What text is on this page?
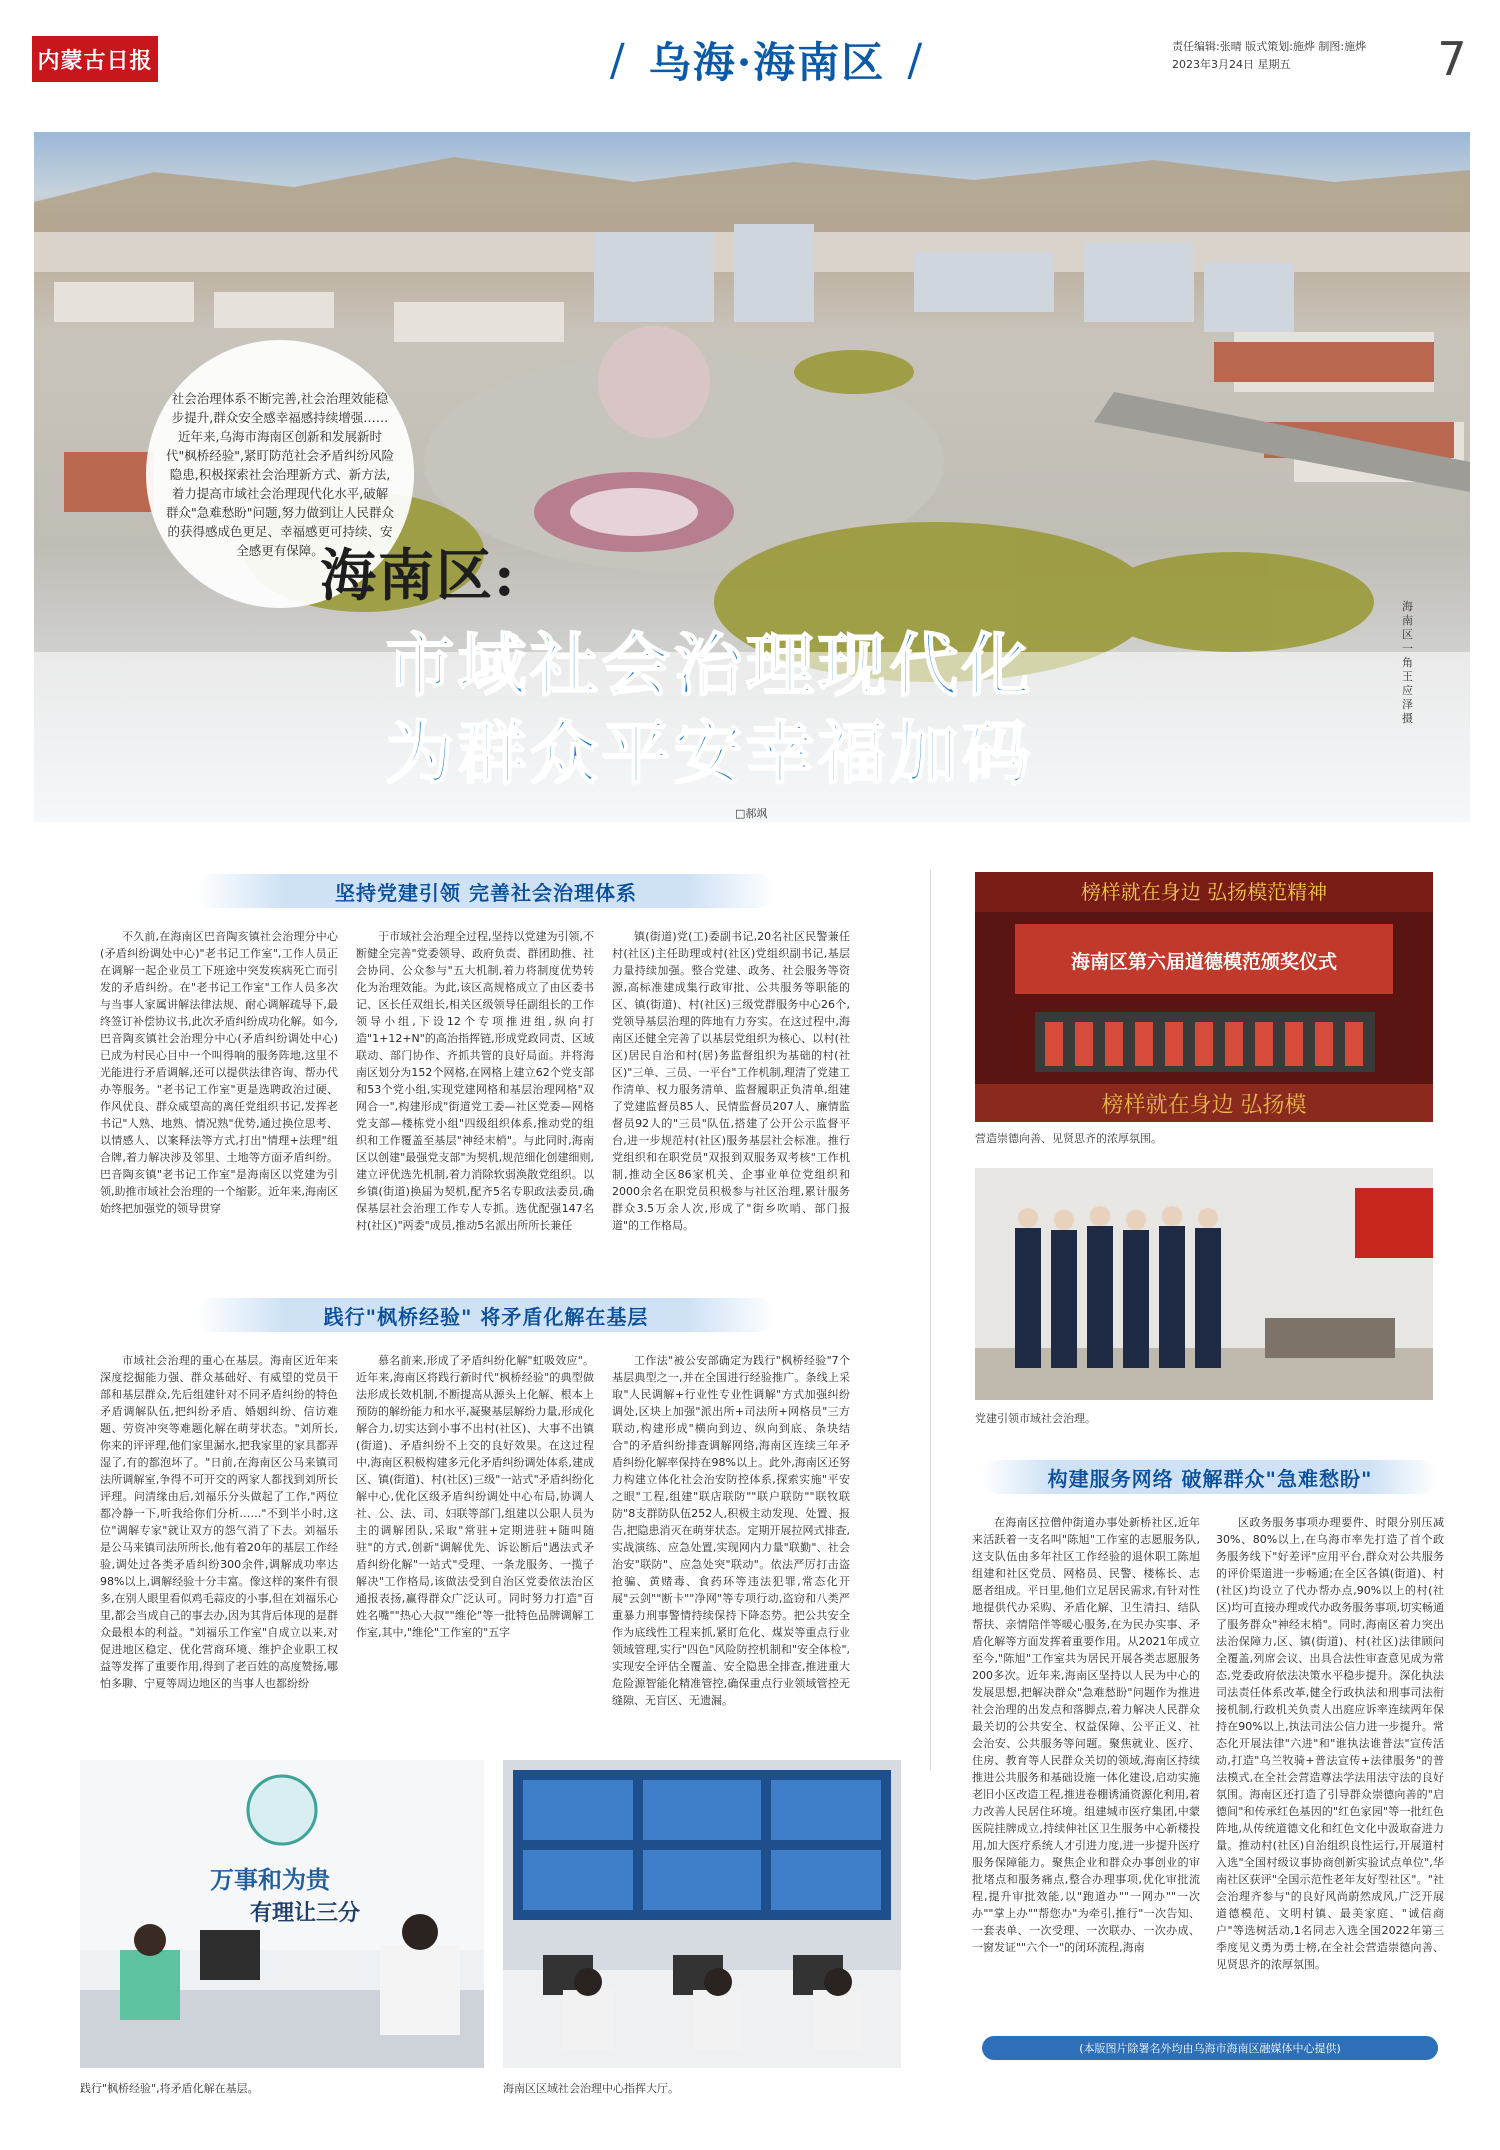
内蒙古日报	/ 乌海·海南区 /	责任编辑:张晴 版式策划:施烨 制图:施烨
2023年3月24日 星期五	7

社会治理体系不断完善,社会治理效能稳步提升,群众安全感幸福感持续增强……近年来,乌海市海南区创新和发展新时代"枫桥经验",紧盯防范社会矛盾纠纷风险隐患,积极探索社会治理新方式、新方法,着力提高市域社会治理现代化水平,破解群众"急难愁盼"问题,努力做到让人民群众的获得感成色更足、幸福感更可持续、安全感更有保障。

海南区:
市域社会治理现代化
为群众平安幸福加码
海南区一角 王应泽 摄
□郝飒
坚持党建引领 完善社会治理体系

不久前,在海南区巴音陶亥镇社会治理分中心(矛盾纠纷调处中心)"老书记工作室",工作人员正在调解一起企业员工下班途中突发疾病死亡而引发的矛盾纠纷。在"老书记工作室"工作人员多次与当事人家属讲解法律法规、耐心调解疏导下,最终签订补偿协议书,此次矛盾纠纷成功化解。如今,巴音陶亥镇社会治理分中心(矛盾纠纷调处中心)已成为村民心目中一个叫得响的服务阵地,这里不光能进行矛盾调解,还可以提供法律咨询、帮办代办等服务。"老书记工作室"更是选聘政治过硬、作风优良、群众威望高的离任党组织书记,发挥老书记"人熟、地熟、情况熟"优势,通过换位思考、以情感人、以案释法等方式,打出"情理+法理"组合牌,着力解决涉及邻里、土地等方面矛盾纠纷。巴音陶亥镇"老书记工作室"是海南区以党建为引领,助推市域社会治理的一个缩影。近年来,海南区始终把加强党的领导贯穿

于市域社会治理全过程,坚持以党建为引领,不断健全完善"党委领导、政府负责、群团助推、社会协同、公众参与"五大机制,着力将制度优势转化为治理效能。为此,该区高规格成立了由区委书记、区长任双组长,相关区级领导任副组长的工作领导小组,下设12个专项推进组,纵向打造"1+12+N"的高治指挥链,形成党政同责、区域联动、部门协作、齐抓共管的良好局面。并将海南区划分为152个网格,在网格上建立62个党支部和53个党小组,实现党建网格和基层治理网格"双网合一",构建形成"街道党工委—社区党委—网格党支部—楼栋党小组"四级组织体系,推动党的组织和工作覆盖至基层"神经末梢"。与此同时,海南区以创建"最强党支部"为契机,规范细化创建细则,建立评优选先机制,着力消除软弱涣散党组织。以乡镇(街道)换届为契机,配齐5名专职政法委员,确保基层社会治理工作专人专抓。选优配强147名村(社区)"两委"成员,推动5名派出所所长兼任

镇(街道)党(工)委副书记,20名社区民警兼任村(社区)主任助理或村(社区)党组织副书记,基层力量持续加强。整合党建、政务、社会服务等资源,高标准建成集行政审批、公共服务等职能的区、镇(街道)、村(社区)三级党群服务中心26个,党领导基层治理的阵地有力夯实。在这过程中,海南区还健全完善了以基层党组织为核心、以村(社区)居民自治和村(居)务监督组织为基础的村(社区)"三单、三员、一平台"工作机制,理清了党建工作清单、权力服务清单、监督履职正负清单,组建了党建监督员85人、民情监督员207人、廉情监督员92人的"三员"队伍,搭建了公开公示监督平台,进一步规范村(社区)服务基层社会标准。推行党组织和在职党员"双报到双服务双考核"工作机制,推动全区86家机关、企事业单位党组织和2000余名在职党员积极参与社区治理,累计服务群众3.5万余人次,形成了"街乡吹哨、部门报道"的工作格局。

践行"枫桥经验" 将矛盾化解在基层

市域社会治理的重心在基层。海南区近年来深度挖掘能力强、群众基础好、有威望的党员干部和基层群众,先后组建针对不同矛盾纠纷的特色矛盾调解队伍,把纠纷矛盾、婚姻纠纷、信访难题、劳资冲突等难题化解在萌芽状态。"刘所长,你来的评评理,他们家里漏水,把我家里的家具都弄湿了,有的都泡坏了。"日前,在海南区公马来镇司法所调解室,争得不可开交的两家人都找到刘所长评理。问清缘由后,刘福乐分头做起了工作,"两位都冷静一下,听我给你们分析……"不到半小时,这位"调解专家"就让双方的怨气消了下去。刘福乐是公马来镇司法所所长,他有着20年的基层工作经验,调处过各类矛盾纠纷300余件,调解成功率达98%以上,调解经验十分丰富。像这样的案件有很多,在别人眼里看似鸡毛蒜皮的小事,但在刘福乐心里,都会当成自己的事去办,因为其背后体现的是群众最根本的利益。"刘福乐工作室"自成立以来,对促进地区稳定、优化营商环境、维护企业职工权益等发挥了重要作用,得到了老百姓的高度赞扬,哪怕多聊、宁夏等周边地区的当事人也都纷纷

慕名前来,形成了矛盾纠纷化解"虹吸效应"。近年来,海南区将践行新时代"枫桥经验"的典型做法形成长效机制,不断提高从源头上化解、根本上预防的解纷能力和水平,凝聚基层解纷力量,形成化解合力,切实达到小事不出村(社区)、大事不出镇(街道)、矛盾纠纷不上交的良好效果。在这过程中,海南区积极构建多元化矛盾纠纷调处体系,建成区、镇(街道)、村(社区)三级"一站式"矛盾纠纷化解中心,优化区级矛盾纠纷调处中心布局,协调人社、公、法、司、妇联等部门,组建以公职人员为主的调解团队,采取"常驻+定期进驻+随叫随驻"的方式,创新"调解优先、诉讼断后"遇法式矛盾纠纷化解"一站式"受理、一条龙服务、一揽子解决"工作格局,该做法受到自治区党委依法治区通报表扬,赢得群众广泛认可。同时努力打造"百姓名嘴""热心大叔""维伦"等一批特色品牌调解工作室,其中,"维伦"工作室的"五字

工作法"被公安部确定为践行"枫桥经验"7个基层典型之一,并在全国进行经验推广。条线上采取"人民调解+行业性专业性调解"方式加强纠纷调处,区块上加强"派出所+司法所+网格员"三方联动,构建形成"横向到边、纵向到底、条块结合"的矛盾纠纷排查调解网络,海南区连续三年矛盾纠纷化解率保持在98%以上。此外,海南区还努力构建立体化社会治安防控体系,探索实施"平安之眼"工程,组建"联店联防""联户联防""联牧联防"8支群防队伍252人,积极主动发现、处置、报告,把隐患消灭在萌芽状态。定期开展拉网式排查,实战演练、应急处置,实现网内力量"联勤"、社会治安"联防"、应急处突"联动"。依法严厉打击盗抢骗、黄赌毒、食药环等违法犯罪,常态化开展"云剑""断卡""净网"等专项行动,盗窃和八类严重暴力刑事警情持续保持下降态势。把公共安全作为底线性工程来抓,紧盯危化、煤炭等重点行业领域管理,实行"四色"风险防控机制和"安全体检",实现安全评估全覆盖、安全隐患全排查,推进重大危险源智能化精准管控,确保重点行业领域管控无缝隙、无盲区、无遗漏。

榜样就在身边 弘扬模范精神
海南区第六届道德模范颁奖仪式
榜样就在身边 弘扬模
营造崇德向善、见贤思齐的浓厚氛围。
党建引领市域社会治理。
构建服务网络 破解群众"急难愁盼"

在海南区拉僧仲街道办事处新桥社区,近年来活跃着一支名叫"陈旭"工作室的志愿服务队,这支队伍由多年社区工作经验的退休职工陈旭组建和社区党员、网格员、民警、楼栋长、志愿者组成。平日里,他们立足居民需求,有针对性地提供代办采购、矛盾化解、卫生清扫、结队帮扶、亲情陪伴等暖心服务,在为民办实事、矛盾化解等方面发挥着重要作用。从2021年成立至今,"陈旭"工作室共为居民开展各类志愿服务200多次。近年来,海南区坚持以人民为中心的发展思想,把解决群众"急难愁盼"问题作为推进社会治理的出发点和落脚点,着力解决人民群众最关切的公共安全、权益保障、公平正义、社会治安、公共服务等问题。聚焦就业、医疗、住房、教育等人民群众关切的领域,海南区持续推进公共服务和基础设施一体化建设,启动实施老旧小区改造工程,推进卷棚诱涌资源化利用,着力改善人民居住环境。组建城市医疗集团,中蒙医院挂牌成立,持续伸社区卫生服务中心新楼投用,加大医疗系统人才引进力度,进一步提升医疗服务保障能力。聚焦企业和群众办事创业的审批堵点和服务痛点,整合办理事项,优化审批流程,提升审批效能,以"跑道办""一网办""一次办""掌上办""帮您办"为牵引,推行"一次告知、一套表单、一次受理、一次联办、一次办成、一窗发证""六个一"的闭环流程,海南

区政务服务事项办理要件、时限分别压减30%、80%以上,在乌海市率先打造了首个政务服务线下"好差评"应用平台,群众对公共服务的评价渠道进一步畅通;在全区各镇(街道)、村(社区)均设立了代办帮办点,90%以上的村(社区)均可直接办理或代办政务服务事项,切实畅通了服务群众"神经末梢"。同时,海南区着力突出法治保障力,区、镇(街道)、村(社区)法律顾问全覆盖,列席会议、出具合法性审查意见成为常态,党委政府依法决策水平稳步提升。深化执法司法责任体系改革,健全行政执法和刑事司法衔接机制,行政机关负责人出庭应诉率连续两年保持在90%以上,执法司法公信力进一步提升。常态化开展法律"六进"和"谁执法谁普法"宣传活动,打造"乌兰牧骑+普法宣传+法律服务"的普法模式,在全社会营造尊法学法用法守法的良好氛围。海南区还打造了引导群众崇德向善的"启德间"和传承红色基因的"红色家园"等一批红色阵地,从传统道德文化和红色文化中汲取奋进力量。推动村(社区)自治组织良性运行,开展道村入选"全国村级议事协商创新实验试点单位",华南社区获评"全国示范性老年友好型社区"。"社会治理齐参与"的良好风尚蔚然成风,广泛开展道德模范、文明村镇、最美家庭、"诚信商户"等选树活动,1名同志入选全国2022年第三季度见义勇为勇士榜,在全社会营造崇德向善、见贤思齐的浓厚氛围。

万事和为贵
有理让三分
践行"枫桥经验",将矛盾化解在基层。	海南区区域社会治理中心指挥大厅。
(本版图片除署名外均由乌海市海南区融媒体中心提供)
